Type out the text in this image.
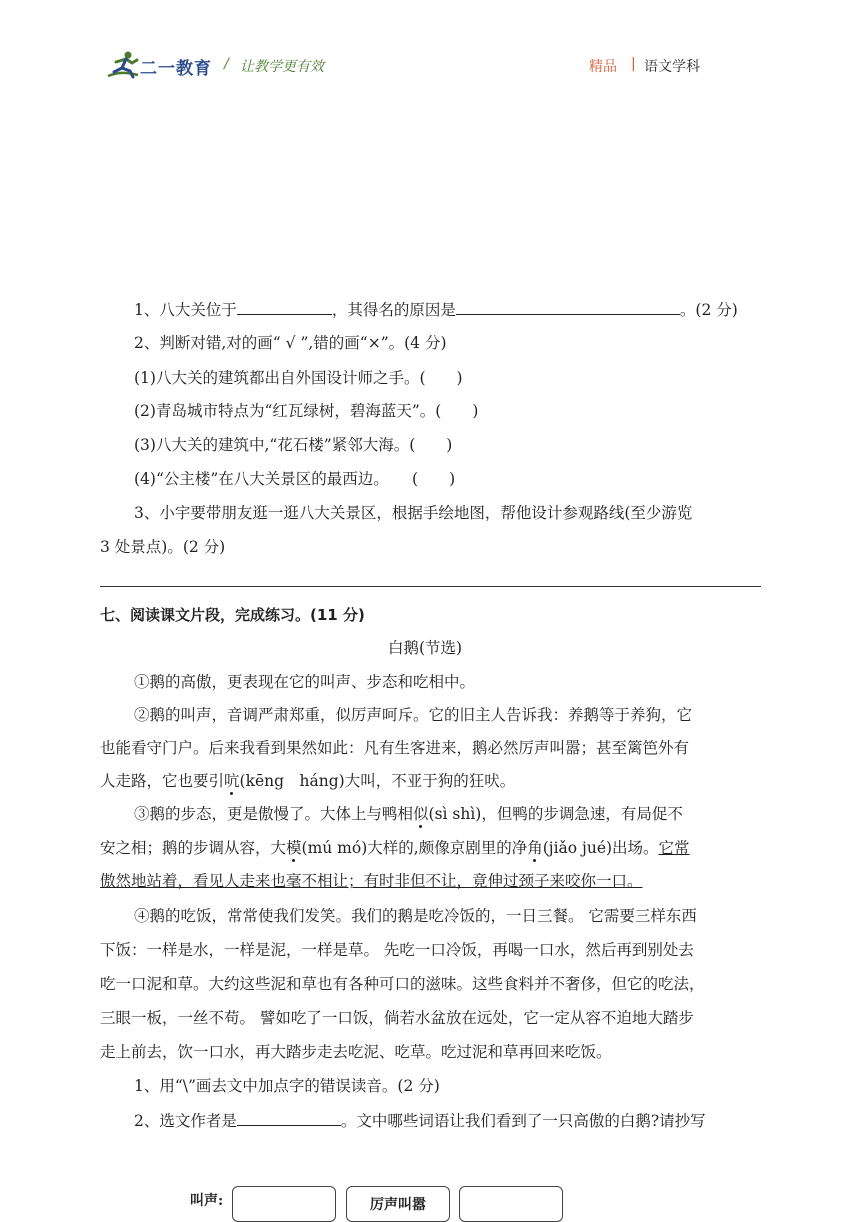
二一教育 / 让教学更有效	精品 | 语文学科
1、八大关位于	，其得名的原因是	。(2 分)
2、判断对错,对的画“ √ ”,错的画“×”。(4 分)
(1)八大关的建筑都出自外国设计师之手。(　　)
(2)青岛城市特点为“红瓦绿树，碧海蓝天”。(　　)
(3)八大关的建筑中,“花石楼”紧邻大海。(　　)
(4)“公主楼”在八大关景区的最西边。　　(　　)
3、小宇要带朋友逛一逛八大关景区，根据手绘地图，帮他设计参观路线(至少游览
3 处景点)。(2 分)
七、阅读课文片段，完成练习。(11 分)
白鹅(节选)
①鹅的高傲，更表现在它的叫声、步态和吃相中。
②鹅的叫声，音调严肃郑重，似厉声呵斥。它的旧主人告诉我：养鹅等于养狗，它
也能看守门户。后来我看到果然如此：凡有生客进来，鹅必然厉声叫嚣；甚至篱笆外有
人走路，它也要引吭(kēng　háng)大叫，不亚于狗的狂吠。
③鹅的步态，更是傲慢了。大体上与鸭相似(sì shì)，但鸭的步调急速，有局促不
安之相；鹅的步调从容，大模(mú mó)大样的,颇像京剧里的净角(jiǎo jué)出场。它常
傲然地站着，看见人走来也毫不相让；有时非但不让，竟伸过颈子来咬你一口。
④鹅的吃饭，常常使我们发笑。我们的鹅是吃冷饭的，一日三餐。 它需要三样东西
下饭：一样是水，一样是泥，一样是草。 先吃一口冷饭，再喝一口水，然后再到别处去
吃一口泥和草。大约这些泥和草也有各种可口的滋味。这些食料并不奢侈，但它的吃法，
三眼一板，一丝不苟。 譬如吃了一口饭，倘若水盆放在远处，它一定从容不迫地大踏步
走上前去，饮一口水，再大踏步走去吃泥、吃草。吃过泥和草再回来吃饭。
1、用“\”画去文中加点字的错误读音。(2 分)
2、选文作者是	。文中哪些词语让我们看到了一只高傲的白鹅?请抄写
叫声:	厉声叫嚣
